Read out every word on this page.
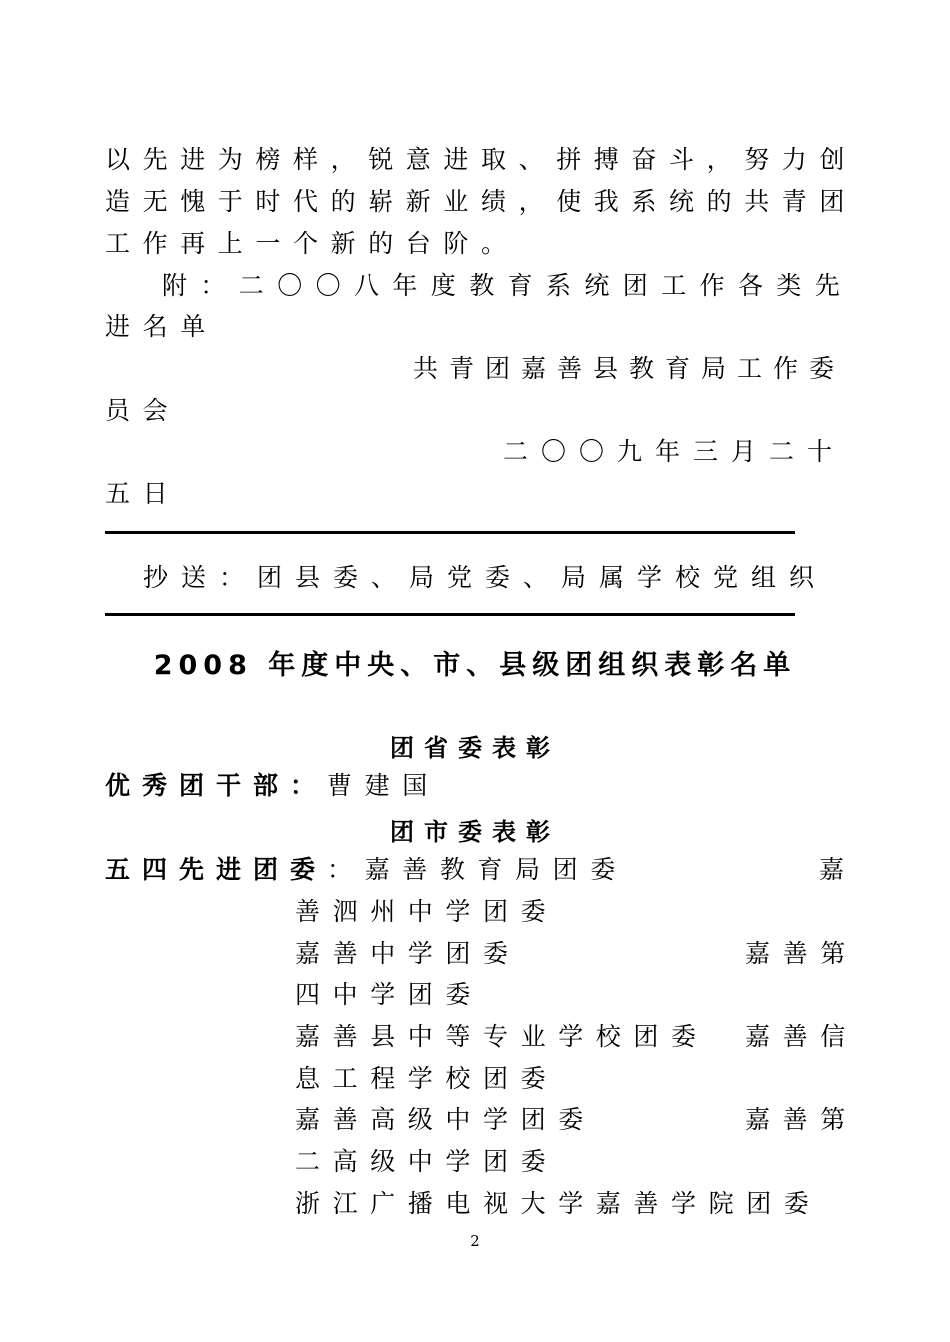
以先进为榜样，锐意进取、拼搏奋斗，努力创
造无愧于时代的崭新业绩，使我系统的共青团
工作再上一个新的台阶。
附：二〇〇八年度教育系统团工作各类先
进名单
共青团嘉善县教育局工作委
员会
二〇〇九年三月二十
五日
抄送：团县委、局党委、局属学校党组织
2008 年度中央、市、县级团组织表彰名单
团省委表彰
优秀团干部：曹建国
团市委表彰
五四先进团委：嘉善教育局团委	嘉
善泗州中学团委
嘉善中学团委	嘉善第
四中学团委
嘉善县中等专业学校团委	嘉善信
息工程学校团委
嘉善高级中学团委	嘉善第
二高级中学团委
浙江广播电视大学嘉善学院团委
2
